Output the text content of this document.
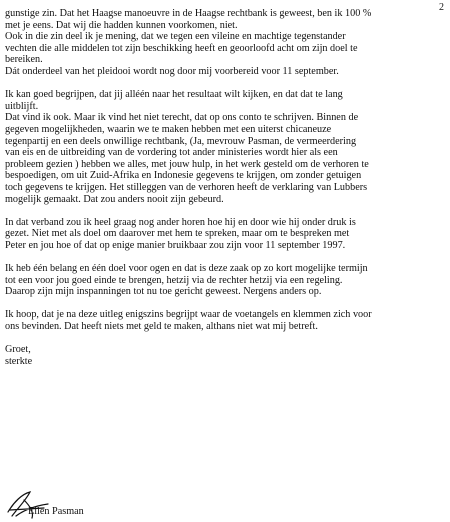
2
gunstige zin. Dat het Haagse manoeuvre in de Haagse rechtbank is geweest, ben ik 100 %
met je eens. Dat wij die hadden kunnen voorkomen, niet.
Ook in die zin deel ik je mening, dat we tegen een vileine en machtige tegenstander
vechten die alle middelen tot zijn beschikking heeft en geoorloofd acht om zijn doel te
bereiken.
Dát onderdeel van het pleidooi wordt nog door mij voorbereid voor 11 september.
Ik kan goed begrijpen, dat jij alléén naar het resultaat wilt kijken, en dat dat te lang
uitblijft.
Dat vind ik ook. Maar ik vind het niet terecht, dat op ons conto te schrijven. Binnen de
gegeven mogelijkheden, waarin we te maken hebben met een uiterst chicaneuze
tegenpartij en een deels onwillige rechtbank, (Ja, mevrouw Pasman, de vermeerdering
van eis en de uitbreiding van de vordering tot ander ministeries wordt hier als een
probleem gezien ) hebben we alles, met jouw hulp, in het werk gesteld om de verhoren te
bespoedigen, om uit Zuid-Afrika en Indonesie gegevens te krijgen, om zonder getuigen
toch gegevens te krijgen. Het stilleggen van de verhoren heeft de verklaring van Lubbers
mogelijk gemaakt. Dat zou anders nooit zijn gebeurd.
In dat verband zou ik heel graag nog ander horen hoe hij en door wie hij onder druk is
gezet. Niet met als doel om daarover met hem te spreken, maar om te bespreken met
Peter en jou hoe of dat op enige manier bruikbaar zou zijn voor 11 september 1997.
Ik heb één belang en één doel voor ogen en dat is deze zaak op zo kort mogelijke termijn
tot een voor jou goed einde te brengen, hetzij via de rechter hetzij via een regeling.
Daarop zijn mijn inspanningen tot nu toe gericht geweest. Nergens anders op.
Ik hoop, dat je na deze uitleg enigszins begrijpt waar de voetangels en klemmen zich voor
ons bevinden. Dat heeft niets met geld te maken, althans niet wat mij betreft.
Groet,
sterkte
Ellen Pasman
